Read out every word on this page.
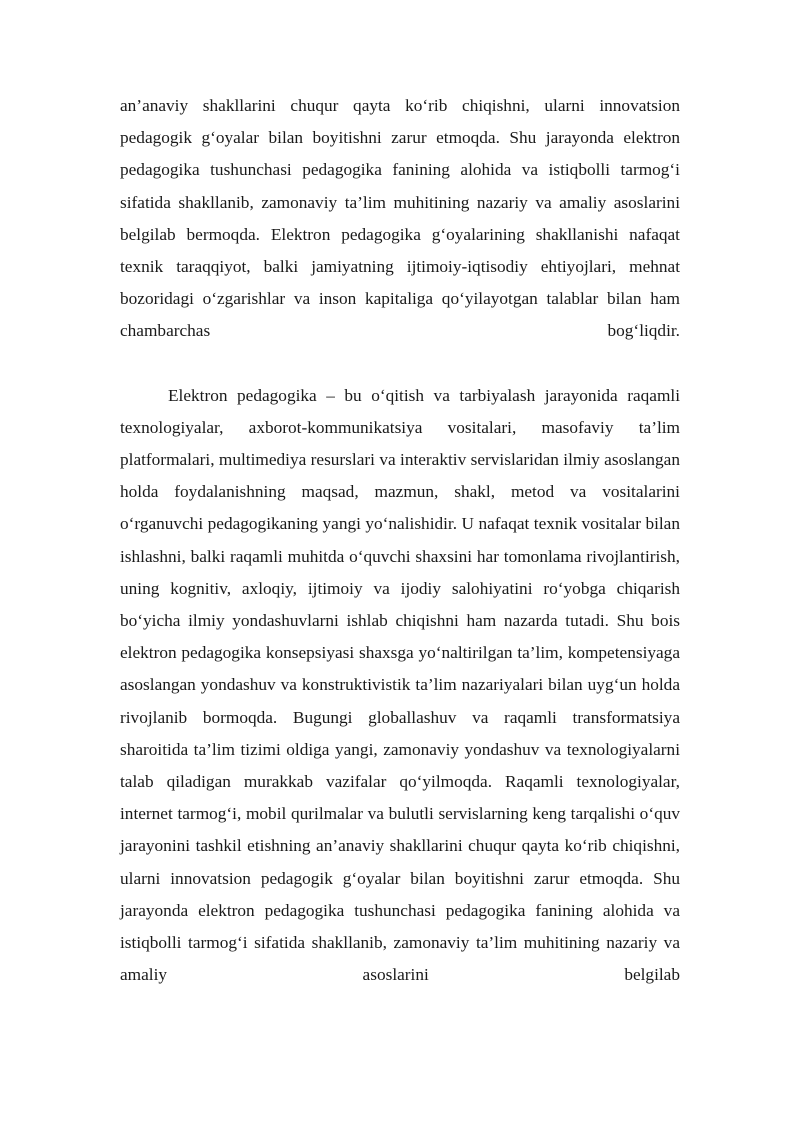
an’anaviy shakllarini chuqur qayta ko‘rib chiqishni, ularni innovatsion pedagogik g‘oyalar bilan boyitishni zarur etmoqda. Shu jarayonda elektron pedagogika tushunchasi pedagogika fanining alohida va istiqbolli tarmog‘i sifatida shakllanib, zamonaviy ta’lim muhitining nazariy va amaliy asoslarini belgilab bermoqda. Elektron pedagogika g‘oyalarining shakllanishi nafaqat texnik taraqqiyot, balki jamiyatning ijtimoiy-iqtisodiy ehtiyojlari, mehnat bozoridagi o‘zgarishlar va inson kapitaliga qo‘yilayotgan talablar bilan ham chambarchas bog‘liqdir.

Elektron pedagogika – bu o‘qitish va tarbiyalash jarayonida raqamli texnologiyalar, axborot-kommunikatsiya vositalari, masofaviy ta’lim platformalari, multimediya resurslari va interaktiv servislaridan ilmiy asoslangan holda foydalanishning maqsad, mazmun, shakl, metod va vositalarini o‘rganuvchi pedagogikaning yangi yo‘nalishidir. U nafaqat texnik vositalar bilan ishlashni, balki raqamli muhitda o‘quvchi shaxsini har tomonlama rivojlantirish, uning kognitiv, axloqiy, ijtimoiy va ijodiy salohiyatini ro‘yobga chiqarish bo‘yicha ilmiy yondashuvlarni ishlab chiqishni ham nazarda tutadi. Shu bois elektron pedagogika konsepsiyasi shaxsga yo‘naltirilgan ta’lim, kompetensiyaga asoslangan yondashuv va konstruktivistik ta’lim nazariyalari bilan uyg‘un holda rivojlanib bormoqda. Bugungi globallashuv va raqamli transformatsiya sharoitida ta’lim tizimi oldiga yangi, zamonaviy yondashuv va texnologiyalarni talab qiladigan murakkab vazifalar qo‘yilmoqda. Raqamli texnologiyalar, internet tarmog‘i, mobil qurilmalar va bulutli servislarning keng tarqalishi o‘quv jarayonini tashkil etishning an’anaviy shakllarini chuqur qayta ko‘rib chiqishni, ularni innovatsion pedagogik g‘oyalar bilan boyitishni zarur etmoqda. Shu jarayonda elektron pedagogika tushunchasi pedagogika fanining alohida va istiqbolli tarmog‘i sifatida shakllanib, zamonaviy ta’lim muhitining nazariy va amaliy asoslarini belgilab
